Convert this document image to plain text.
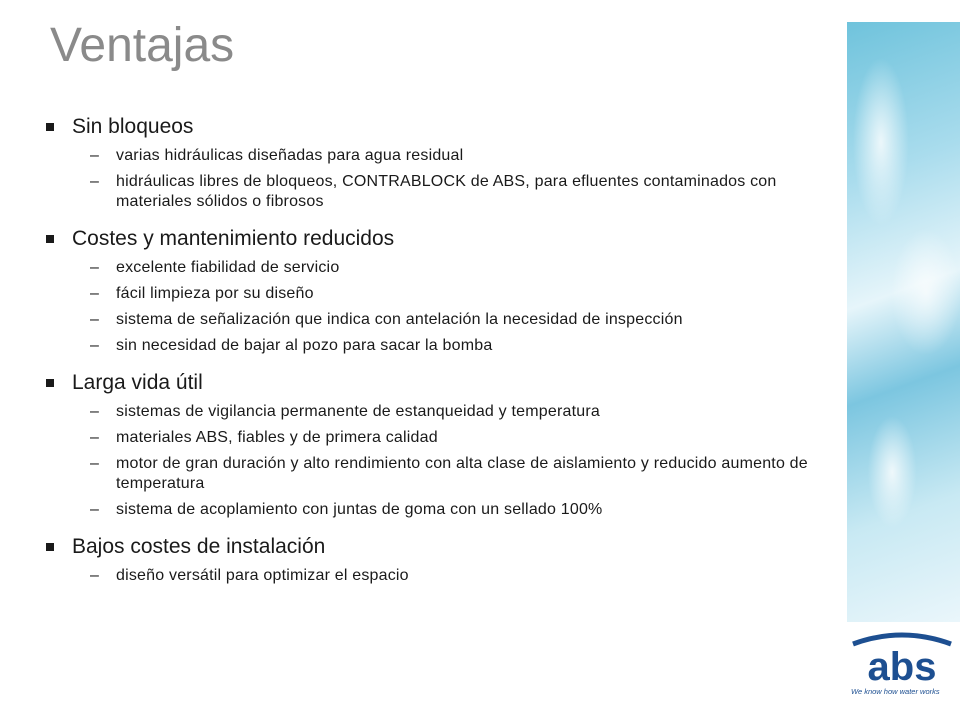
Ventajas
Sin bloqueos
–	varias hidráulicas diseñadas para agua residual
–	hidráulicas libres de bloqueos, CONTRABLOCK de ABS, para efluentes contaminados con materiales sólidos o fibrosos
Costes y mantenimiento reducidos
–	excelente fiabilidad de servicio
–	fácil limpieza por su diseño
–	sistema de señalización que indica con antelación la necesidad de inspección
–	sin necesidad de bajar al pozo para sacar la bomba
Larga vida útil
–	sistemas de vigilancia permanente de estanqueidad y temperatura
–	materiales ABS, fiables y de primera calidad
–	motor de gran duración y alto rendimiento con alta clase de aislamiento y reducido aumento de temperatura
–	sistema de acoplamiento con juntas de goma con un sellado 100%
Bajos costes de instalación
–	diseño versátil para optimizar el espacio
abs
We know how water works
